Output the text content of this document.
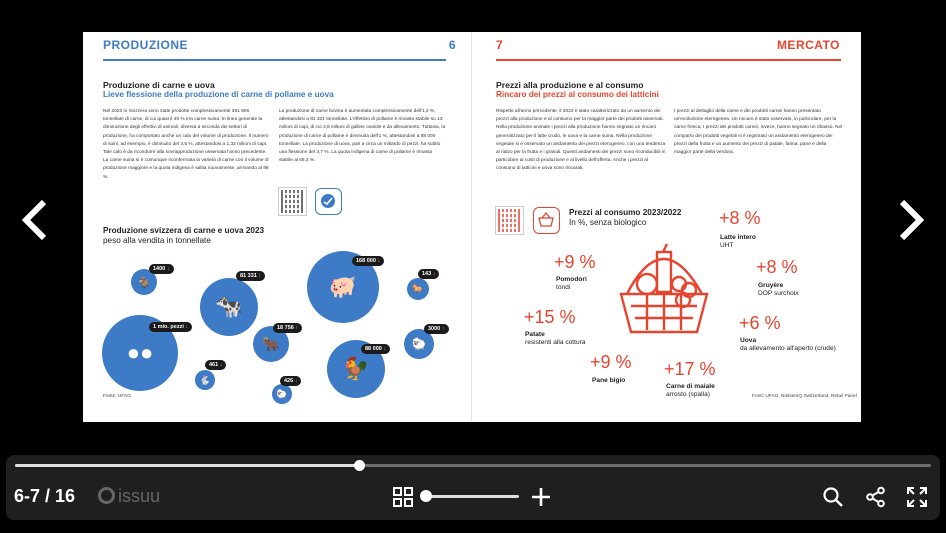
PRODUZIONE	6
Produzione di carne e uova
Lieve flessione della produzione di carne di pollame e uova
Nel 2023 in Svizzera sono state prodotte complessivamente 361 906 tonnellate di carne, di cui quasi il 45 % era carne suina. In linea generale la diminuzione degli effettivi di animali, diversa a seconda dei settori di produzione, ha comportato anche un calo del volume di produzione. Il numero di suini, ad esempio, è diminuito del 3,5 %, attestandosi a 1,32 milioni di capi. Tale calo è da ricondurre alla sovrapproduzione osservata l'anno precedente. La carne suina si è comunque riconfermata la varietà di carne con il volume di produzione maggiore e la quota indigena è salita nuovamente, arrivando al 98 %.
La produzione di carne bovina è aumentata complessivamente dell'1,4 %, attestandosi a 81 331 tonnellate. L'effettivo di pollame è rimasto stabile su 13 milioni di capi, di cui 3,8 milioni di galline ovaiole e da allevamento. Tuttavia, la produzione di carne di pollame è diminuita dell'1 %, attestandosi a 88 000 tonnellate. La produzione di uova, pari a circa un miliardo di pezzi, ha subito una flessione del 3,7 %. La quota indigena di carne di pollame è rimasta stabile al 66,3 %.
Produzione svizzera di carne e uova 2023
peso alla vendita in tonnellate
●●
🐐
🐄
🐖	🐎
🐂
🐓
🐑
🐇
🐑
1400 ↓
81 331 ↑
168 000 ↓
143 ↓
1 mio. pezzi ↓	18 756 ↑
88 000 ↓
3000 ↑
461 ↓
426 ↓
Fonte: UFAG
7	MERCATO
Prezzi alla produzione e al consumo
Rincaro dei prezzi al consumo dei latticini
Rispetto all'anno precedente, il 2023 è stato caratterizzato da un aumento dei prezzi alla produzione e al consumo per la maggior parte dei prodotti osservati. Nella produzione animale i prezzi alla produzione hanno segnato un rincaro generalizzato per il latte crudo, le uova e la carne suina. Nella produzione vegetale si è osservato un andamento dei prezzi eterogeneo, con una tendenza al rialzo per la frutta e i granuli. Questi andamenti dei prezzi sono riconducibili in particolare ai costi di produzione e al livello dell'offerta. Anche i prezzi al consumo di latticini e uova sono rincarati.
I prezzi al dettaglio della carne e dei prodotti carnei hanno presentato un'evoluzione eterogenea. Un rincaro è stato osservato, in particolare, per la carne fresca. I prezzi dei prodotti carnei, invece, hanno segnato un ribasso. Nel comparto dei prodotti vegetali si è registrato un andamento eterogeneo dei prezzi della frutta e un aumento dei prezzi di patate, farina, pane e della maggior parte della verdura.
Prezzi al consumo 2023/2022
In %, senza biologico	+8 %
Latte intero
UHT
+9 %
Pomodori
tondi
+8 %
Gruyère
DOP surchoix
+15 %
Patate
resistenti alla cottura
+6 %
Uova
da allevamento all'aperto (crude)
+9 %
Pane bigio
+17 %
Carne di maiale
arrosto (spalla)	Fonti: UFAG, NielsenIQ Switzerland, Retail Panel
6-7 / 16	issuu
